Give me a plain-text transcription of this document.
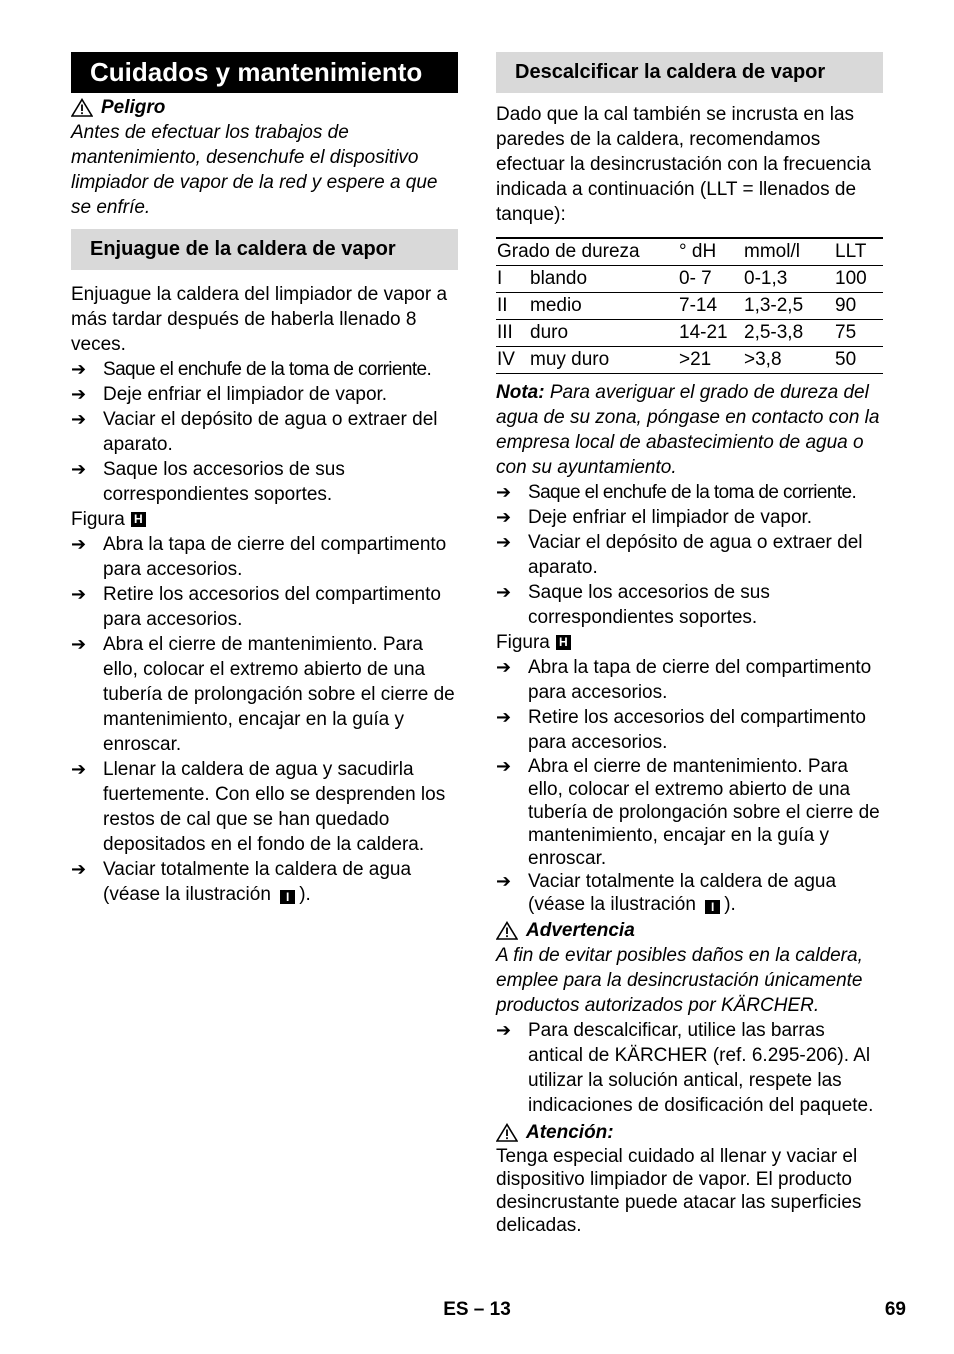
Cuidados y mantenimiento
Peligro

Antes de efectuar los trabajos de mantenimiento, desenchufe el dispositivo limpiador de vapor de la red y espere a que se enfríe.

Enjuague de la caldera de vapor

Enjuague la caldera del limpiador de vapor a más tardar después de haberla llenado 8 veces.

➔ Saque el enchufe de la toma de corriente.
➔ Deje enfriar el limpiador de vapor.
➔ Vaciar el depósito de agua o extraer del aparato.
➔ Saque los accesorios de sus correspondientes soportes.
Figura H
➔ Abra la tapa de cierre del compartimento para accesorios.
➔ Retire los accesorios del compartimento para accesorios.
➔ Abra el cierre de mantenimiento. Para ello, colocar el extremo abierto de una tubería de prolongación sobre el cierre de mantenimiento, encajar en la guía y enroscar.
➔ Llenar la caldera de agua y sacudirla fuertemente. Con ello se desprenden los restos de cal que se han quedado depositados en el fondo de la caldera.
➔ Vaciar totalmente la caldera de agua (véase la ilustración I ).
Descalcificar la caldera de vapor

Dado que la cal también se incrusta en las paredes de la caldera, recomendamos efectuar la desincrustación con la frecuencia indicada a continuación (LLT = llenados de tanque):

Grado de dureza		° dH	mmol/l	LLT
I	blando	0- 7	0-1,3	100
II	medio	7-14	1,3-2,5	90
III	duro	14-21	2,5-3,8	75
IV	muy duro	>21	>3,8	50

Nota: Para averiguar el grado de dureza del agua de su zona, póngase en contacto con la empresa local de abastecimiento de agua o con su ayuntamiento.

➔ Saque el enchufe de la toma de corriente.
➔ Deje enfriar el limpiador de vapor.
➔ Vaciar el depósito de agua o extraer del aparato.
➔ Saque los accesorios de sus correspondientes soportes.
Figura H
➔ Abra la tapa de cierre del compartimento para accesorios.
➔ Retire los accesorios del compartimento para accesorios.
➔ Abra el cierre de mantenimiento. Para ello, colocar el extremo abierto de una tubería de prolongación sobre el cierre de mantenimiento, encajar en la guía y enroscar.
➔ Vaciar totalmente la caldera de agua (véase la ilustración I ).
Advertencia

A fin de evitar posibles daños en la caldera, emplee para la desincrustación únicamente productos autorizados por KÄRCHER.

➔ Para descalcificar, utilice las barras antical de KÄRCHER (ref. 6.295-206). Al utilizar la solución antical, respete las indicaciones de dosificación del paquete.
Atención:

Tenga especial cuidado al llenar y vaciar el dispositivo limpiador de vapor. El producto desincrustante puede atacar las superficies delicadas.

ES – 13	69
